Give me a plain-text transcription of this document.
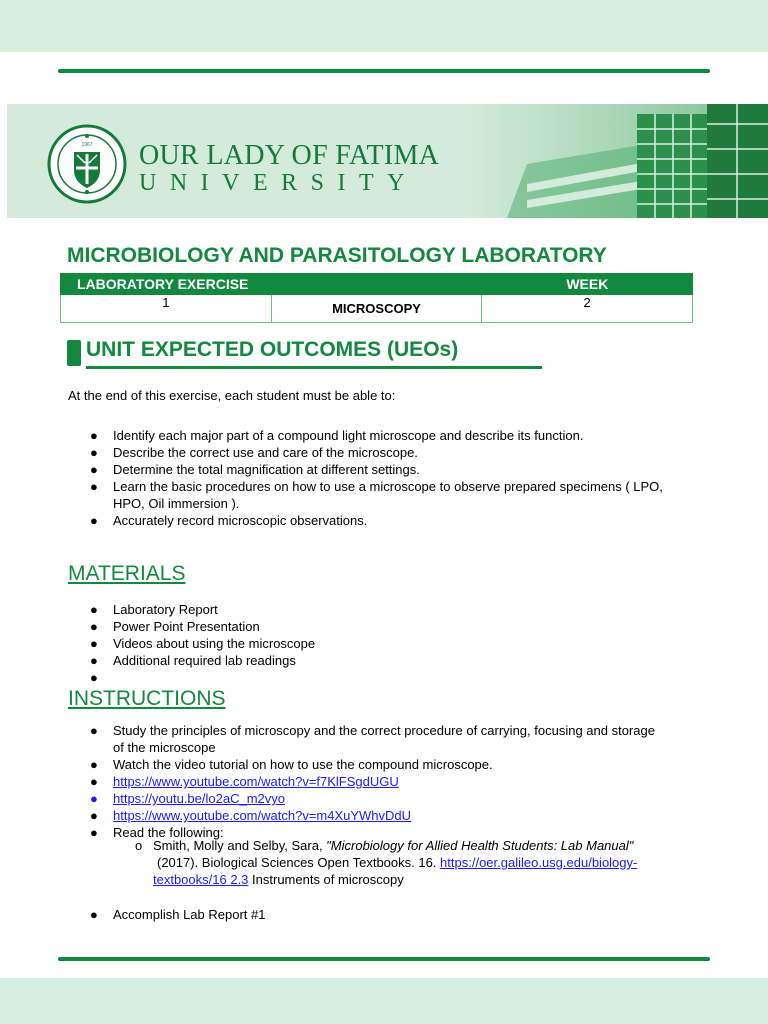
1967 OUR LADY OF FATIMA
UNIVERSITY
MICROBIOLOGY AND PARASITOLOGY LABORATORY
LABORATORY EXERCISE		WEEK
1	MICROSCOPY	2
UNIT EXPECTED OUTCOMES (UEOs)
At the end of this exercise, each student must be able to:
● Identify each major part of a compound light microscope and describe its function.
● Describe the correct use and care of the microscope.
● Determine the total magnification at different settings.
● Learn the basic procedures on how to use a microscope to observe prepared specimens ( LPO,
HPO, Oil immersion ).
● Accurately record microscopic observations.
MATERIALS
● Laboratory Report
● Power Point Presentation
● Videos about using the microscope
● Additional required lab readings
●

INSTRUCTIONS
● Study the principles of microscopy and the correct procedure of carrying, focusing and storage
of the microscope
● Watch the video tutorial on how to use the compound microscope.
● https://www.youtube.com/watch?v=f7KlFSgdUGU
● https://youtu.be/lo2aC_m2vyo
● https://www.youtube.com/watch?v=m4XuYWhvDdU
● Read the following:
o Smith, Molly and Selby, Sara, "Microbiology for Allied Health Students: Lab Manual"
(2017). Biological Sciences Open Textbooks. 16. https://oer.galileo.usg.edu/biology-textbooks/16 2.3 Instruments of microscopy
● Accomplish Lab Report #1
